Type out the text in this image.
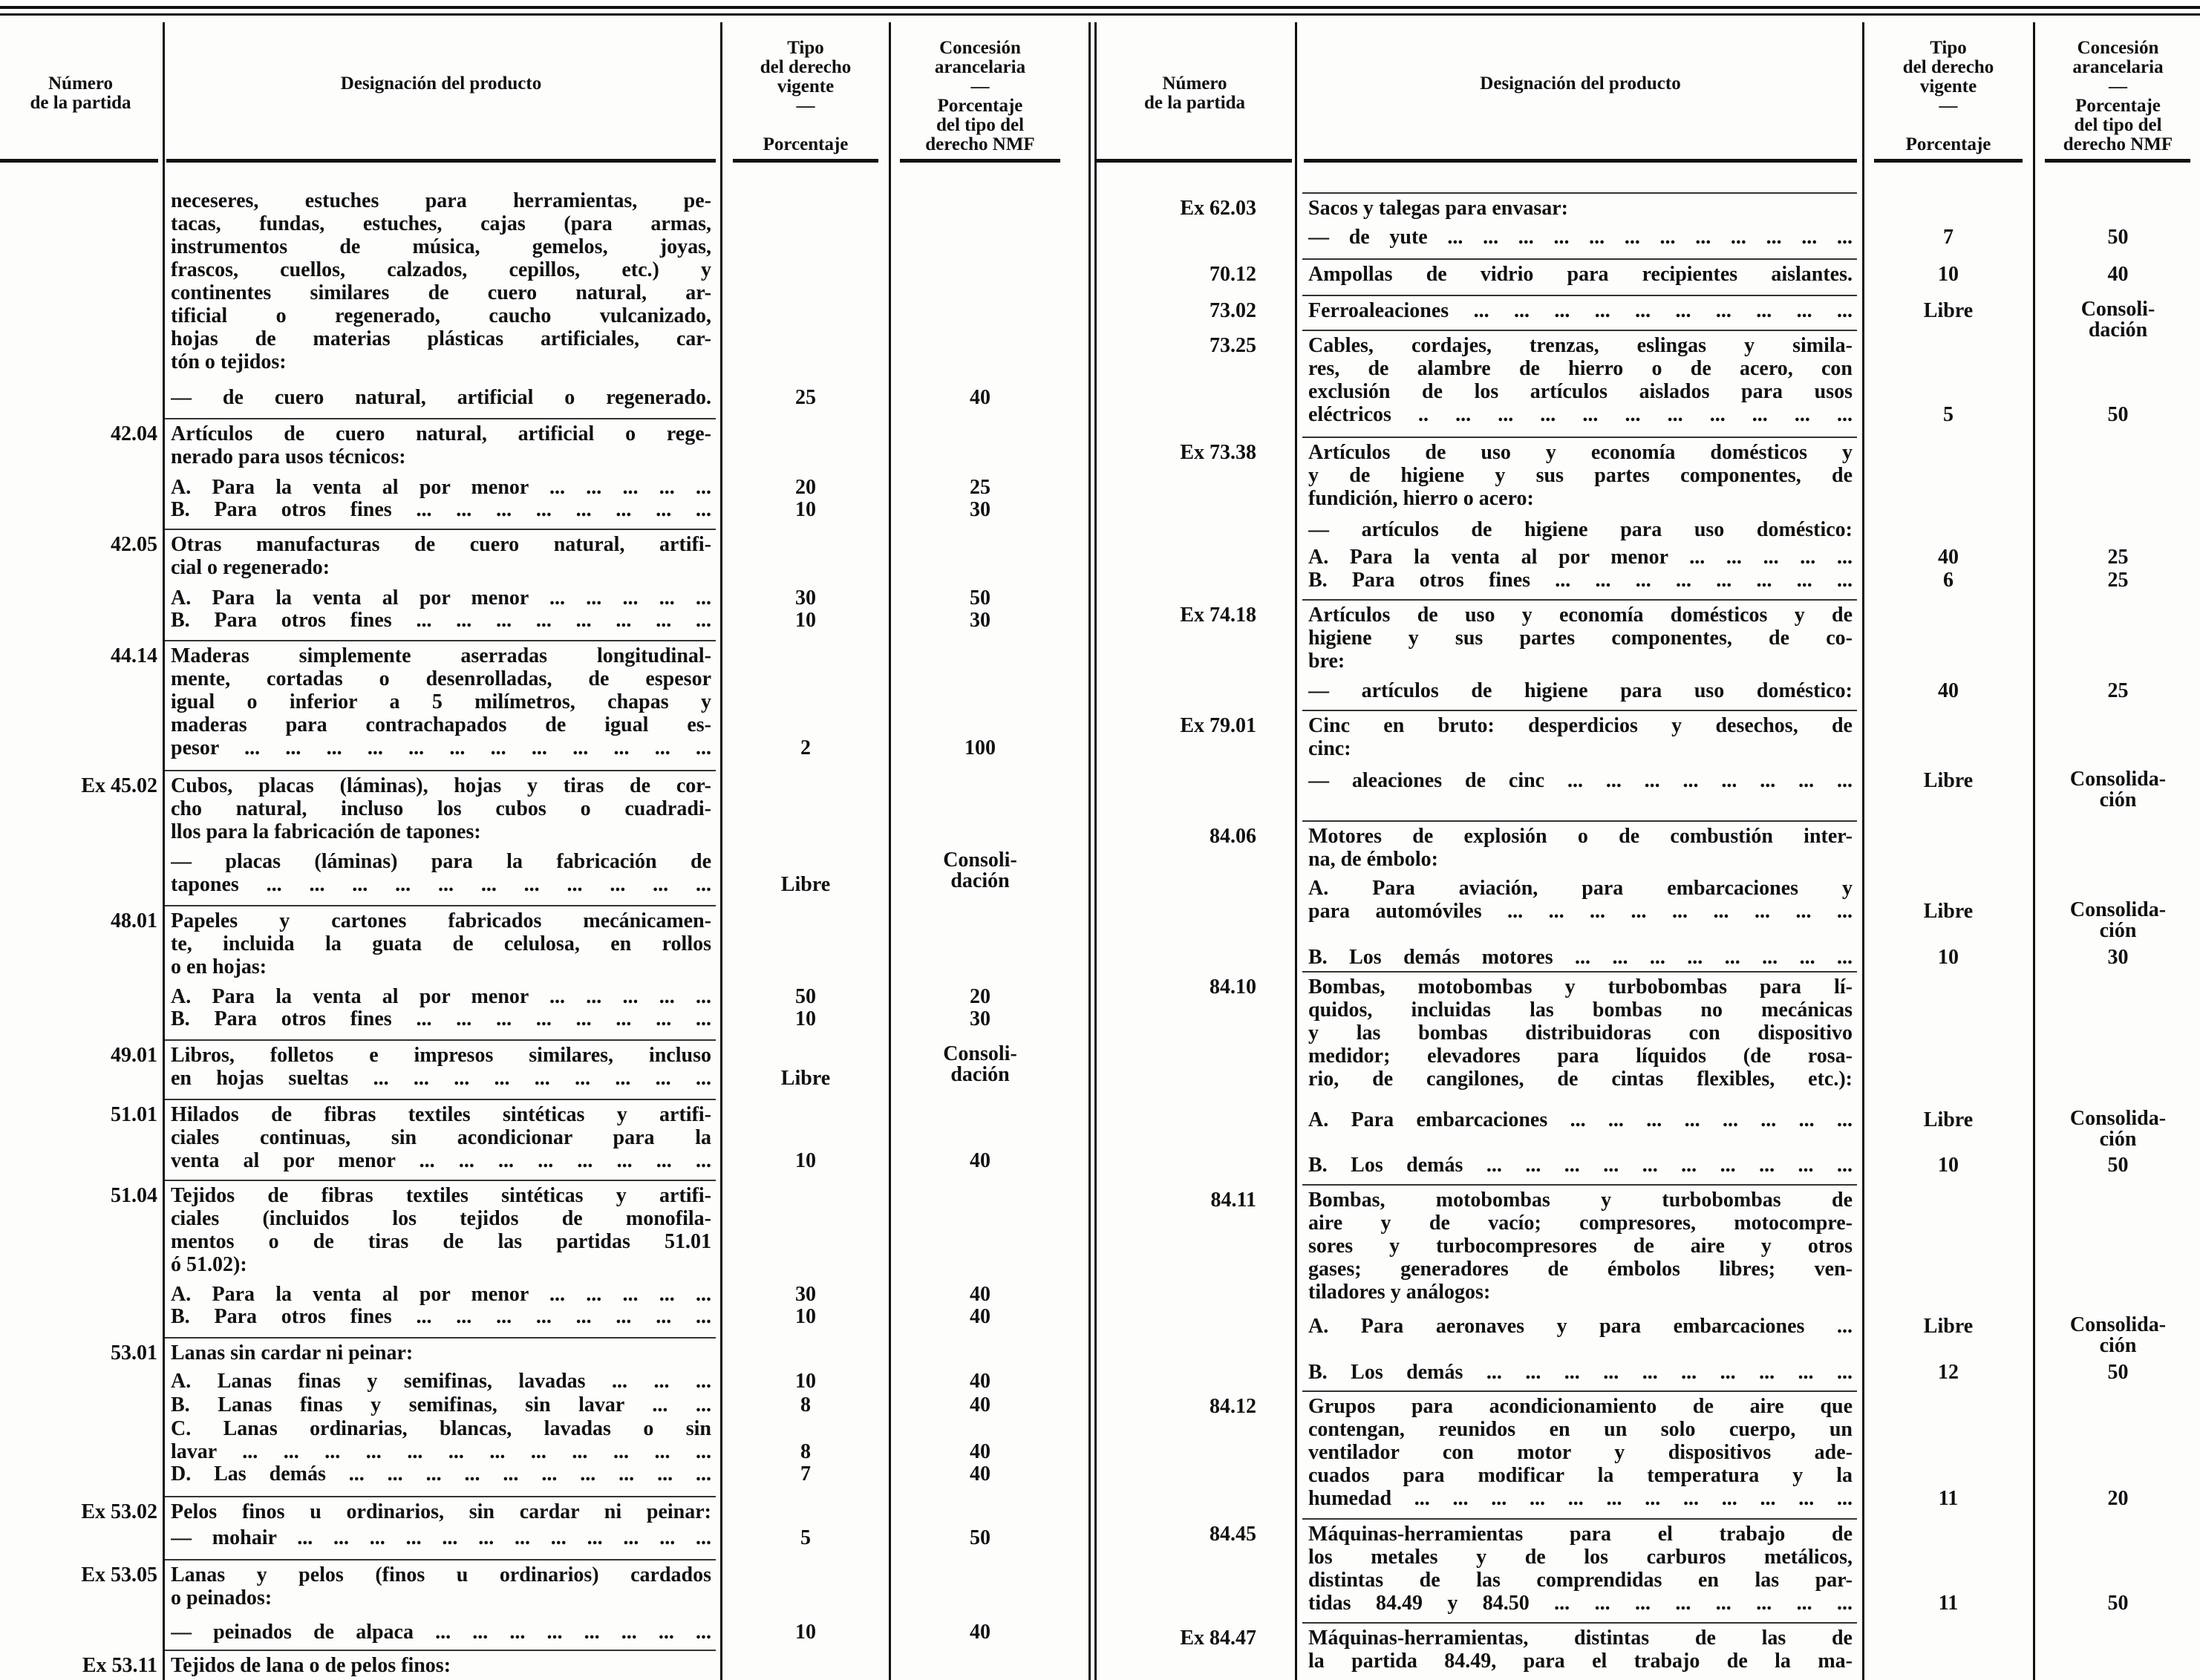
Número
de la partida
Designación del producto
Tipo
del derecho
vigente
—
Porcentaje
Concesión
arancelaria
—
Porcentaje
del tipo del
derecho NMF
neceseres, estuches para herramientas, pe-
tacas, fundas, estuches, cajas (para armas,
instrumentos de música, gemelos, joyas,
frascos, cuellos, calzados, cepillos, etc.) y
continentes similares de cuero natural, ar-
tificial o regenerado, caucho vulcanizado,
hojas de materias plásticas artificiales, car-
tón o tejidos:
— de cuero natural, artificial o regenerado.	25	40
42.04 Artículos de cuero natural, artificial o rege-
nerado para usos técnicos:
A. Para la venta al por menor ... ... ... ... ...	20	25
B. Para otros fines ... ... ... ... ... ... ... ...	10	30
42.05 Otras manufacturas de cuero natural, artifi-
cial o regenerado:
A. Para la venta al por menor ... ... ... ... ...	30	50
B. Para otros fines ... ... ... ... ... ... ... ...	10	30
44.14 Maderas simplemente aserradas longitudinal-
mente, cortadas o desenrolladas, de espesor
igual o inferior a 5 milímetros, chapas y
maderas para contrachapados de igual es-
pesor ... ... ... ... ... ... ... ... ... ... ... ...	2	100
Ex 45.02 Cubos, placas (láminas), hojas y tiras de cor-
cho natural, incluso los cubos o cuadradi-
llos para la fabricación de tapones:
— placas (láminas) para la fabricación de
tapones ... ... ... ... ... ... ... ... ... ... ...	Libre
Consoli-
dación
48.01 Papeles y cartones fabricados mecánicamen-
te, incluida la guata de celulosa, en rollos
o en hojas:
A. Para la venta al por menor ... ... ... ... ...	50	20
B. Para otros fines ... ... ... ... ... ... ... ...	10	30
49.01 Libros, folletos e impresos similares, incluso
en hojas sueltas ... ... ... ... ... ... ... ... ...	Libre
Consoli-
dación
51.01 Hilados de fibras textiles sintéticas y artifi-
ciales continuas, sin acondicionar para la
venta al por menor ... ... ... ... ... ... ... ...	10	40
51.04 Tejidos de fibras textiles sintéticas y artifi-
ciales (incluidos los tejidos de monofila-
mentos o de tiras de las partidas 51.01
ó 51.02):
A. Para la venta al por menor ... ... ... ... ...	30	40
B. Para otros fines ... ... ... ... ... ... ... ...	10	40
53.01 Lanas sin cardar ni peinar:
A. Lanas finas y semifinas, lavadas ... ... ...	10	40
B. Lanas finas y semifinas, sin lavar ... ...	8	40
C. Lanas ordinarias, blancas, lavadas o sin
lavar ... ... ... ... ... ... ... ... ... ... ... ...	8	40
D. Las demás ... ... ... ... ... ... ... ... ... ...	7	40
Ex 53.02 Pelos finos u ordinarios, sin cardar ni peinar:
— mohair ... ... ... ... ... ... ... ... ... ... ... ...	5	50
Ex 53.05 Lanas y pelos (finos u ordinarios) cardados
o peinados:
— peinados de alpaca ... ... ... ... ... ... ... ...	10	40
Ex 53.11 Tejidos de lana o de pelos finos:
Número
de la partida
Designación del producto
Tipo
del derecho
vigente
—
Porcentaje
Concesión
arancelaria
—
Porcentaje
del tipo del
derecho NMF
Ex 62.03	Sacos y talegas para envasar:
— de yute ... ... ... ... ... ... ... ... ... ... ... ...	7	50
70.12	Ampollas de vidrio para recipientes aislantes.	10	40
73.02	Ferroaleaciones ... ... ... ... ... ... ... ... ... ...	Libre	Consoli-
dación
73.25	Cables, cordajes, trenzas, eslingas y simila-
res, de alambre de hierro o de acero, con
exclusión de los artículos aislados para usos
eléctricos .. ... ... ... ... ... ... ... ... ... ...	5	50
Ex 73.38	Artículos de uso y economía domésticos y
y de higiene y sus partes componentes, de
fundición, hierro o acero:
— artículos de higiene para uso doméstico:
A. Para la venta al por menor ... ... ... ... ...	40	25
B. Para otros fines ... ... ... ... ... ... ... ...	6	25
Ex 74.18	Artículos de uso y economía domésticos y de
higiene y sus partes componentes, de co-
bre:
— artículos de higiene para uso doméstico:	40	25
Ex 79.01	Cinc en bruto: desperdicios y desechos, de
cinc:
— aleaciones de cinc ... ... ... ... ... ... ... ...	Libre	Consolida-
ción
84.06	Motores de explosión o de combustión inter-
na, de émbolo:
A. Para aviación, para embarcaciones y
para automóviles ... ... ... ... ... ... ... ... ...	Libre	Consolida-
ción
B. Los demás motores ... ... ... ... ... ... ... ...	10	30
84.10	Bombas, motobombas y turbobombas para lí-
quidos, incluidas las bombas no mecánicas
y las bombas distribuidoras con dispositivo
medidor; elevadores para líquidos (de rosa-
rio, de cangilones, de cintas flexibles, etc.):
A. Para embarcaciones ... ... ... ... ... ... ... ...	Libre	Consolida-
ción
B. Los demás ... ... ... ... ... ... ... ... ... ...	10	50
84.11	Bombas, motobombas y turbobombas de
aire y de vacío; compresores, motocompre-
sores y turbocompresores de aire y otros
gases; generadores de émbolos libres; ven-
tiladores y análogos:
A. Para aeronaves y para embarcaciones ...	Libre	Consolida-
ción
B. Los demás ... ... ... ... ... ... ... ... ... ...	12	50
84.12	Grupos para acondicionamiento de aire que
contengan, reunidos en un solo cuerpo, un
ventilador con motor y dispositivos ade-
cuados para modificar la temperatura y la
humedad ... ... ... ... ... ... ... ... ... ... ... ...	11	20
84.45	Máquinas-herramientas para el trabajo de
los metales y de los carburos metálicos,
distintas de las comprendidas en las par-
tidas 84.49 y 84.50 ... ... ... ... ... ... ... ...	11	50
Ex 84.47	Máquinas-herramientas, distintas de las de
la partida 84.49, para el trabajo de la ma-
